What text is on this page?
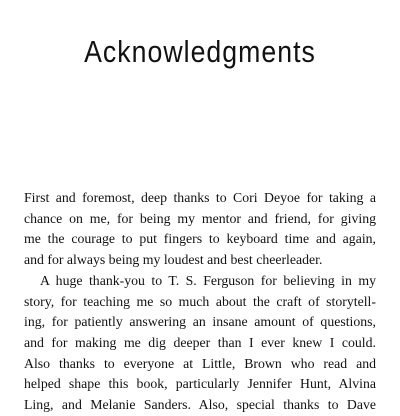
Acknowledgments

First and foremost, deep thanks to Cori Deyoe for taking a
chance on me, for being my mentor and friend, for giving
me the courage to put fingers to keyboard time and again,
and for always being my loudest and best cheerleader.

A huge thank-you to T. S. Ferguson for believing in my
story, for teaching me so much about the craft of storytell-
ing, for patiently answering an insane amount of questions,
and for making me dig deeper than I ever knew I could.
Also thanks to everyone at Little, Brown who read and
helped shape this book, particularly Jennifer Hunt, Alvina
Ling, and Melanie Sanders. Also, special thanks to Dave
